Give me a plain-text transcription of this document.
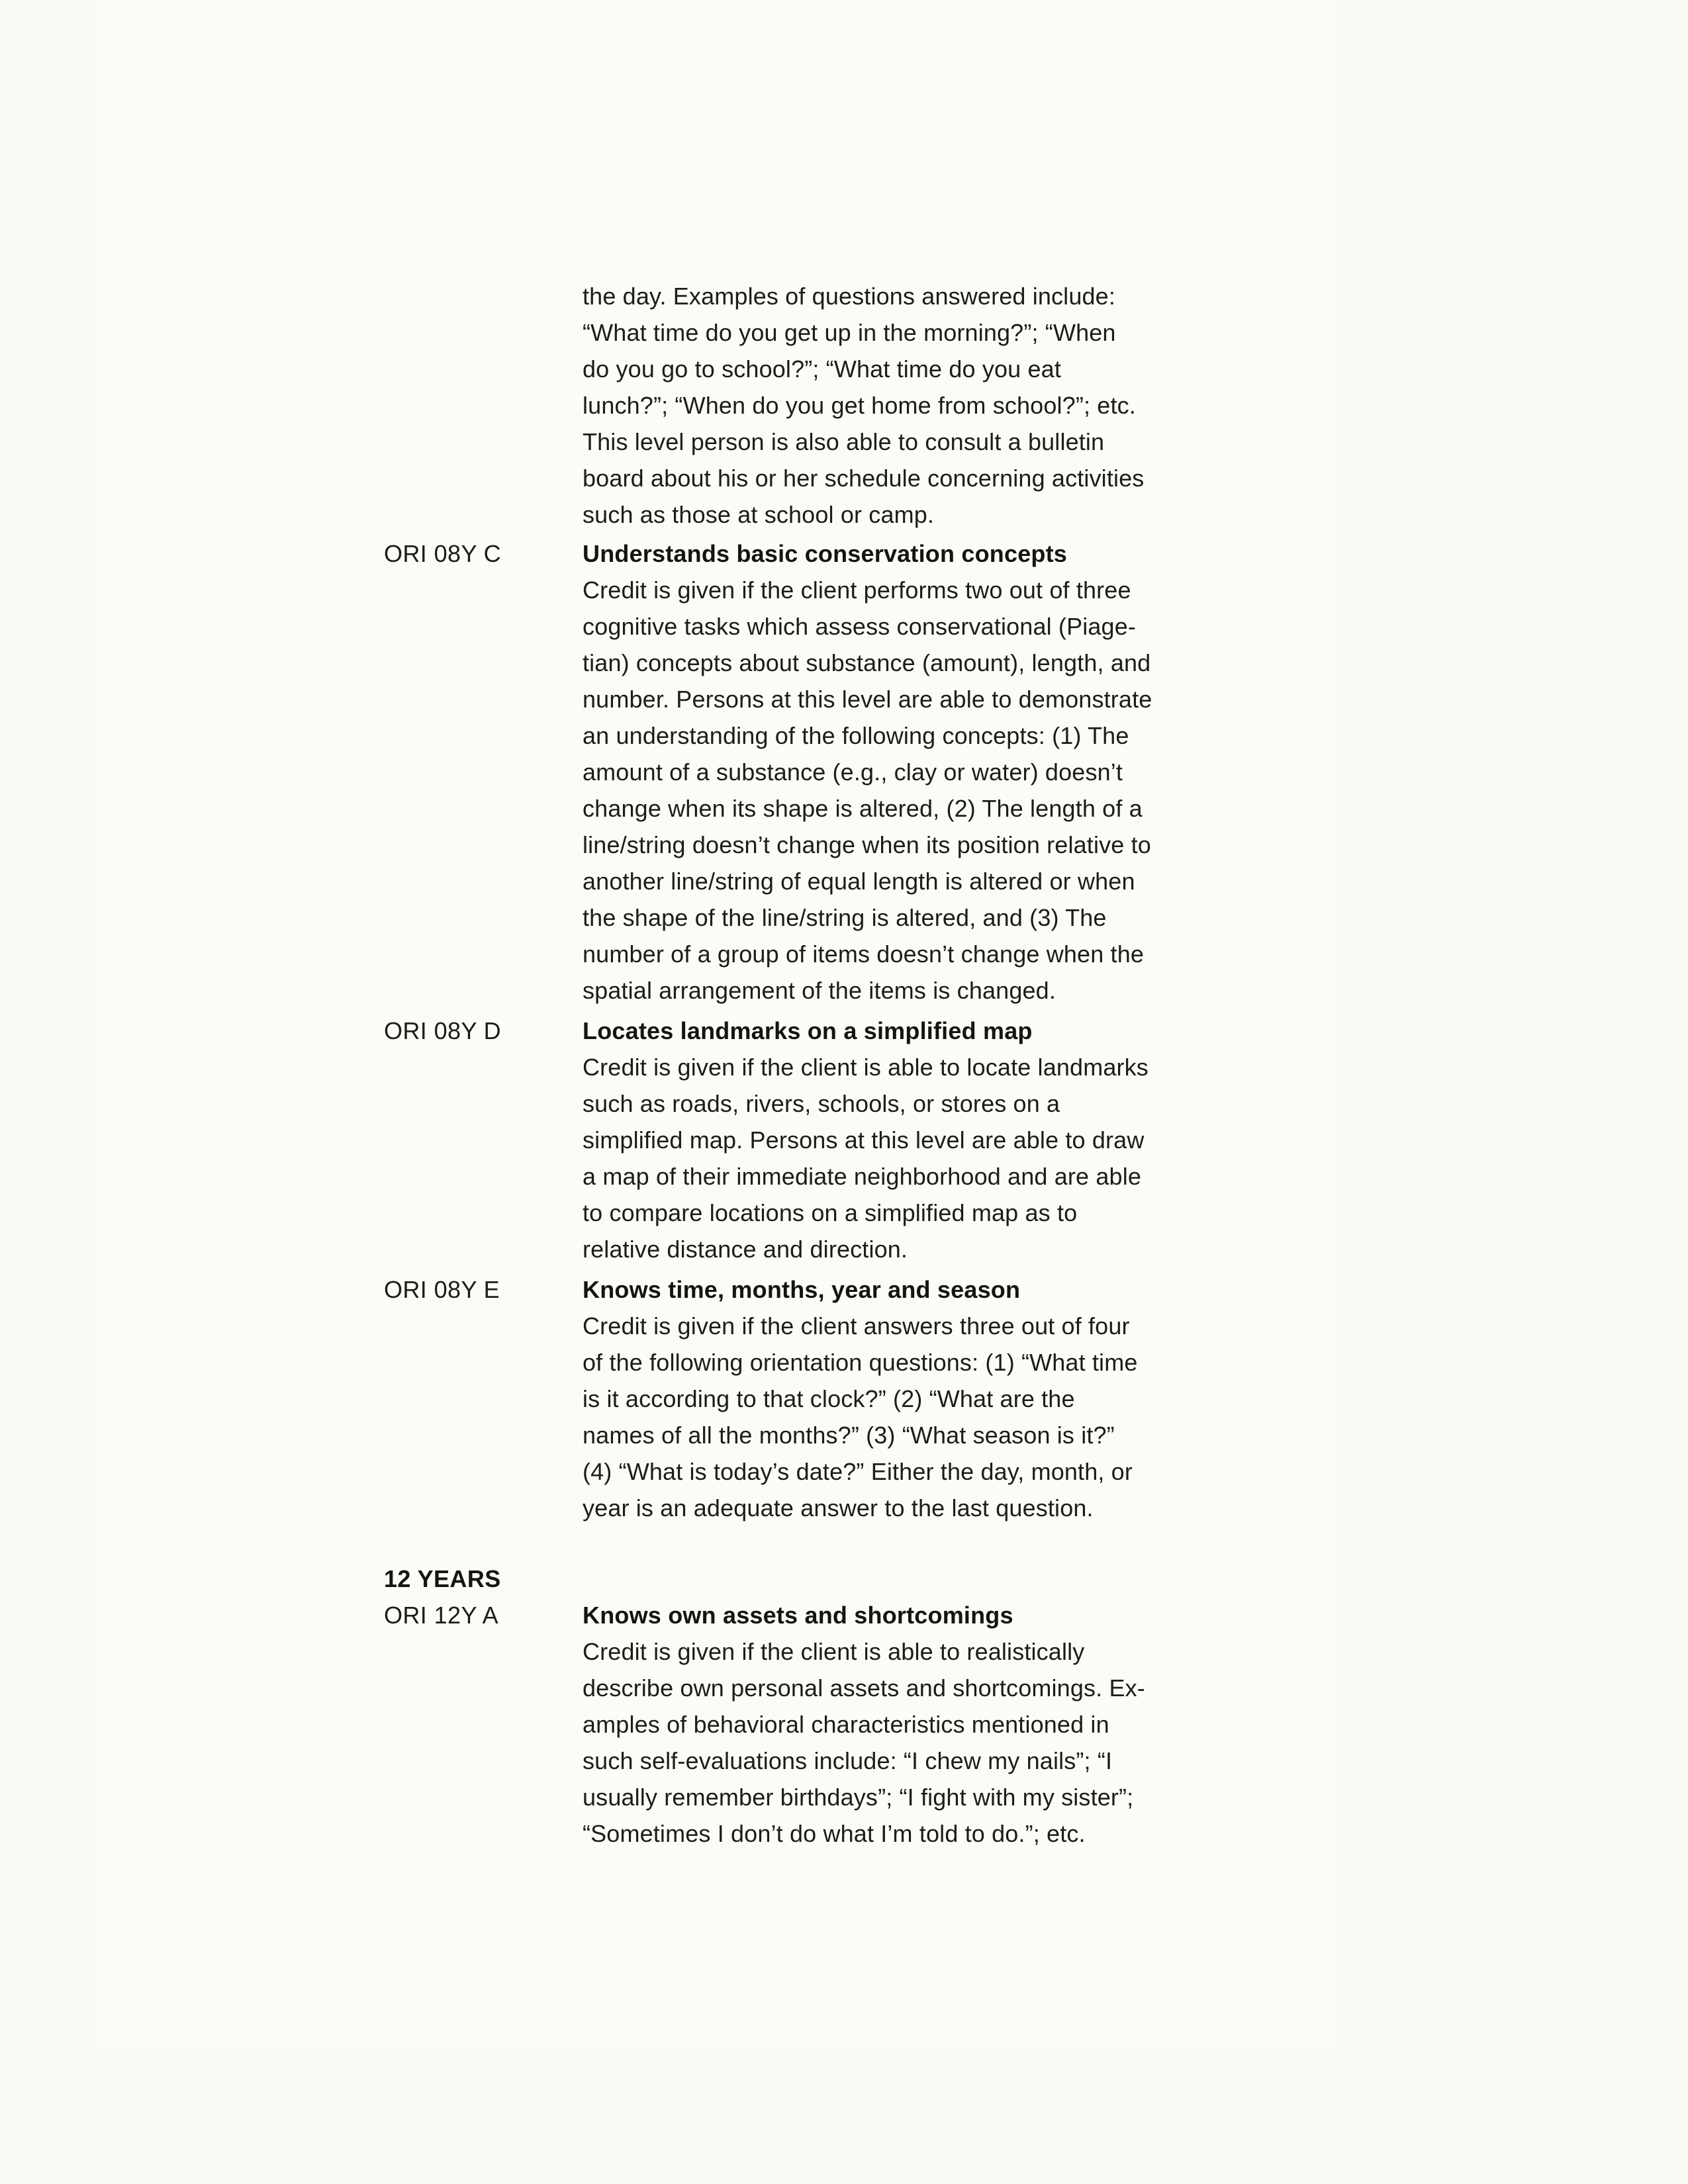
the day. Examples of questions answered include:
“What time do you get up in the morning?”; “When
do you go to school?”; “What time do you eat
lunch?”; “When do you get home from school?”; etc.
This level person is also able to consult a bulletin
board about his or her schedule concerning activities
such as those at school or camp.
ORI 08Y C	Understands basic conservation concepts
Credit is given if the client performs two out of three
cognitive tasks which assess conservational (Piage-
tian) concepts about substance (amount), length, and
number. Persons at this level are able to demonstrate
an understanding of the following concepts: (1) The
amount of a substance (e.g., clay or water) doesn’t
change when its shape is altered, (2) The length of a
line/string doesn’t change when its position relative to
another line/string of equal length is altered or when
the shape of the line/string is altered, and (3) The
number of a group of items doesn’t change when the
spatial arrangement of the items is changed.
ORI 08Y D	Locates landmarks on a simplified map
Credit is given if the client is able to locate landmarks
such as roads, rivers, schools, or stores on a
simplified map. Persons at this level are able to draw
a map of their immediate neighborhood and are able
to compare locations on a simplified map as to
relative distance and direction.
ORI 08Y E	Knows time, months, year and season
Credit is given if the client answers three out of four
of the following orientation questions: (1) “What time
is it according to that clock?” (2) “What are the
names of all the months?” (3) “What season is it?”
(4) “What is today’s date?” Either the day, month, or
year is an adequate answer to the last question.
12 YEARS
ORI 12Y A	Knows own assets and shortcomings
Credit is given if the client is able to realistically
describe own personal assets and shortcomings. Ex-
amples of behavioral characteristics mentioned in
such self-evaluations include: “I chew my nails”; “I
usually remember birthdays”; “I fight with my sister”;
“Sometimes I don’t do what I’m told to do.”; etc.
